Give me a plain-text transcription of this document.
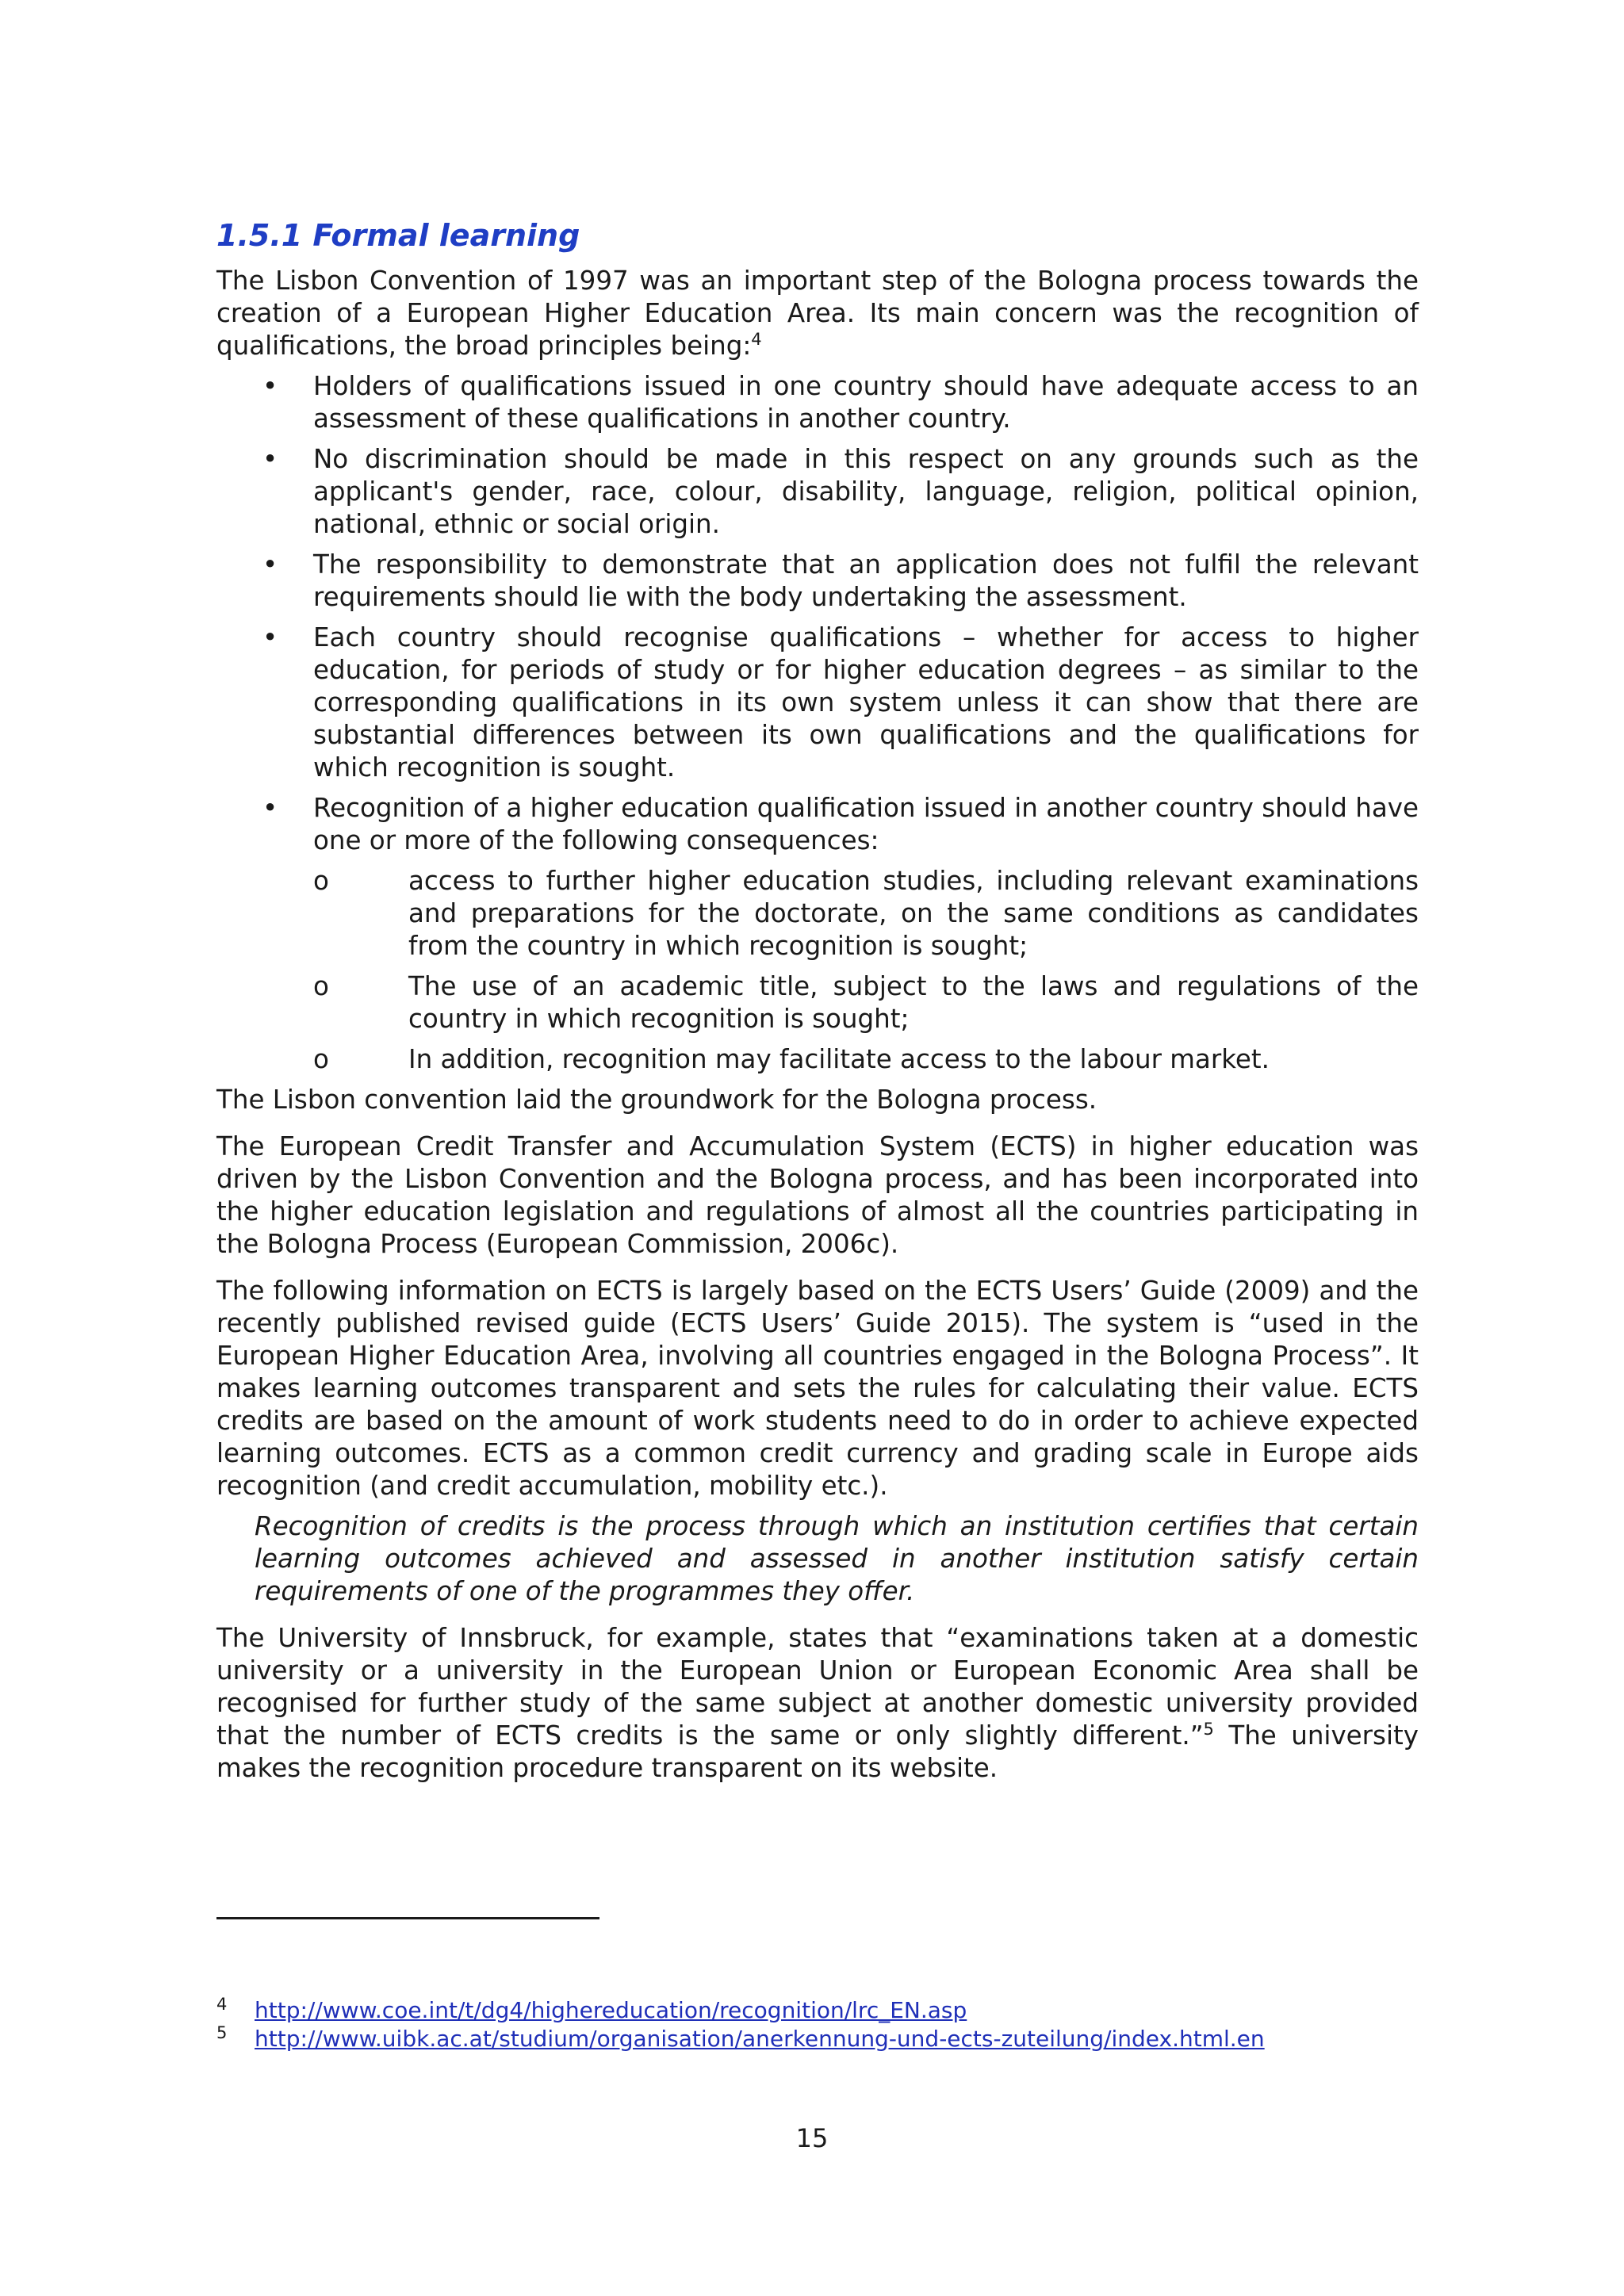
1.5.1 Formal learning

The Lisbon Convention of 1997 was an important step of the Bologna process towards the creation of a European Higher Education Area. Its main concern was the recognition of qualifications, the broad principles being:$^4$

• Holders of qualifications issued in one country should have adequate access to an assessment of these qualifications in another country.
• No discrimination should be made in this respect on any grounds such as the applicant's gender, race, colour, disability, language, religion, political opinion, national, ethnic or social origin.
• The responsibility to demonstrate that an application does not fulfil the relevant requirements should lie with the body undertaking the assessment.
• Each country should recognise qualifications – whether for access to higher education, for periods of study or for higher education degrees – as similar to the corresponding qualifications in its own system unless it can show that there are substantial differences between its own qualifications and the qualifications for which recognition is sought.
• Recognition of a higher education qualification issued in another country should have one or more of the following consequences:
o	access to further higher education studies, including relevant examinations and preparations for the doctorate, on the same conditions as candidates from the country in which recognition is sought;
o	The use of an academic title, subject to the laws and regulations of the country in which recognition is sought;
o	In addition, recognition may facilitate access to the labour market.

The Lisbon convention laid the groundwork for the Bologna process.

The European Credit Transfer and Accumulation System (ECTS) in higher education was driven by the Lisbon Convention and the Bologna process, and has been incorporated into the higher education legislation and regulations of almost all the countries participating in the Bologna Process (European Commission, 2006c).

The following information on ECTS is largely based on the ECTS Users’ Guide (2009) and the recently published revised guide (ECTS Users’ Guide 2015). The system is “used in the European Higher Education Area, involving all countries engaged in the Bologna Process”. It makes learning outcomes transparent and sets the rules for calculating their value. ECTS credits are based on the amount of work students need to do in order to achieve expected learning outcomes. ECTS as a common credit currency and grading scale in Europe aids recognition (and credit accumulation, mobility etc.).

Recognition of credits is the process through which an institution certifies that certain learning outcomes achieved and assessed in another institution satisfy certain requirements of one of the programmes they offer.

The University of Innsbruck, for example, states that “examinations taken at a domestic university or a university in the European Union or European Economic Area shall be recognised for further study of the same subject at another domestic university provided that the number of ECTS credits is the same or only slightly different.”$^5$ The university makes the recognition procedure transparent on its website.

4 http://www.coe.int/t/dg4/highereducation/recognition/lrc_EN.asp
5 http://www.uibk.ac.at/studium/organisation/anerkennung-und-ects-zuteilung/index.html.en
15
